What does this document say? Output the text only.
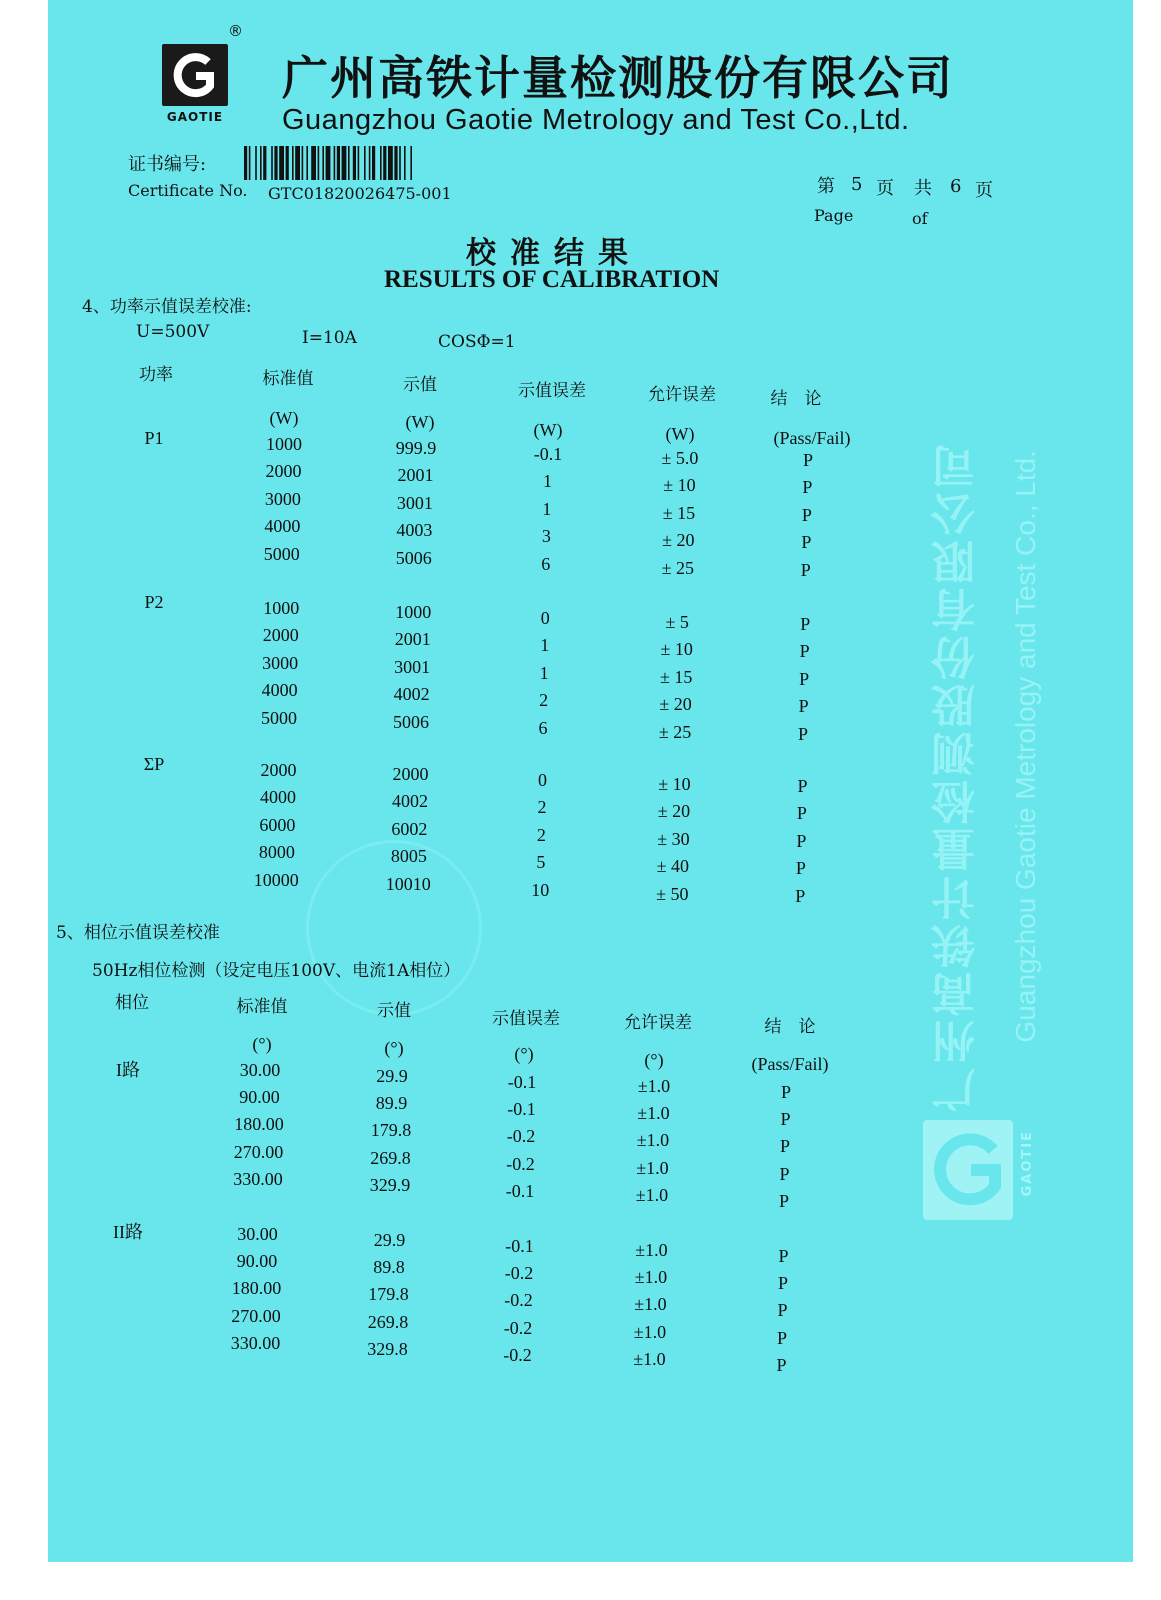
广州高铁计量检测股份有限公司 Guangzhou Gaotie Metrology and Test Co., Ltd.
GAOTIE
GAOTIE
®
广州高铁计量检测股份有限公司
Guangzhou Gaotie Metrology and Test Co.,Ltd.
证书编号:
Certificate No. GTC01820026475-001	第 5 页 共 6 页
Page	of
校准结果
RESULTS OF CALIBRATION
4、功率示值误差校准:
U=500V	I=10A	COSΦ=1
功率	标准值	示值	示值误差	允许误差	结　论
(W)	(W)	(W)	(W)	(Pass/Fail)
P1	1000	999.9	-0.1	± 5.0	P
2000	2001	1	± 10	P
3000	3001	1	± 15	P
4000	4003	3	± 20	P
5000	5006	6	± 25	P
P2	1000	1000	0	± 5	P
2000	2001	1	± 10	P
3000	3001	1	± 15	P
4000	4002	2	± 20	P
5000	5006	6	± 25	P
ΣP	2000	2000	0	± 10	P
4000	4002	2	± 20	P
6000	6002	2	± 30	P
8000	8005	5	± 40	P
10000	10010	10	± 50	P
5、相位示值误差校准
50Hz相位检测（设定电压100V、电流1A相位）
相位	标准值	示值	示值误差	允许误差	结　论
(°)	(°)	(°)	(°)	(Pass/Fail)
I路	30.00	29.9	-0.1	±1.0	P
90.00	89.9	-0.1	±1.0	P
180.00	179.8	-0.2	±1.0	P
270.00	269.8	-0.2	±1.0	P
330.00	329.9	-0.1	±1.0	P
II路	30.00	29.9	-0.1	±1.0	P
90.00	89.8	-0.2	±1.0	P
180.00	179.8	-0.2	±1.0	P
270.00	269.8	-0.2	±1.0	P
330.00	329.8	-0.2	±1.0	P
